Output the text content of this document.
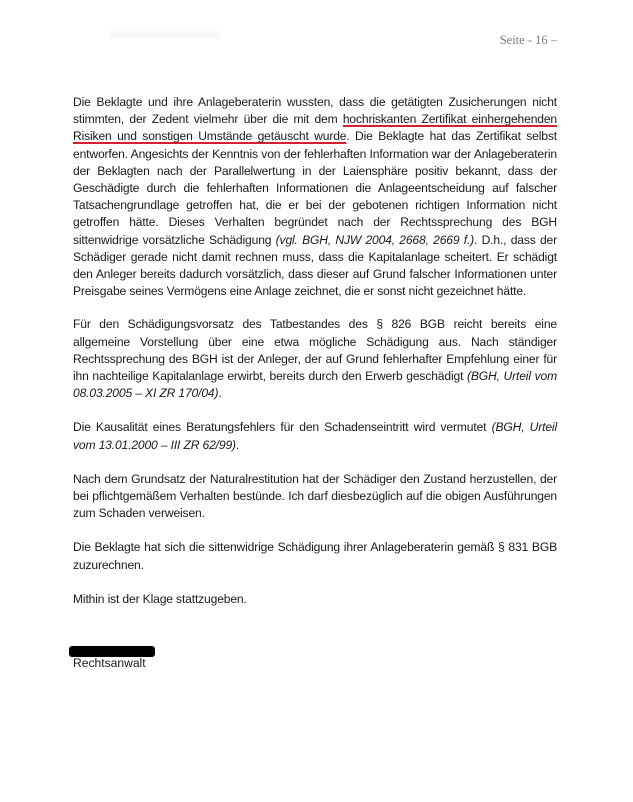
Seite - 16 –

Die Beklagte und ihre Anlageberaterin wussten, dass die getätigten Zusicherungen nicht stimmten, der Zedent vielmehr über die mit dem hochriskanten Zertifikat einhergehenden Risiken und sonstigen Umstände getäuscht wurde. Die Beklagte hat das Zertifikat selbst entworfen. Angesichts der Kenntnis von der fehlerhaften Information war der Anlageberaterin der Beklagten nach der Parallelwertung in der Laiensphäre positiv bekannt, dass der Geschädigte durch die fehlerhaften Informationen die Anlageentscheidung auf falscher Tatsachengrundlage getroffen hat, die er bei der gebotenen richtigen Information nicht getroffen hätte. Dieses Verhalten begründet nach der Rechtssprechung des BGH sittenwidrige vorsätzliche Schädigung (vgl. BGH, NJW 2004, 2668, 2669 f.). D.h., dass der Schädiger gerade nicht damit rechnen muss, dass die Kapitalanlage scheitert. Er schädigt den Anleger bereits dadurch vorsätzlich, dass dieser auf Grund falscher Informationen unter Preisgabe seines Vermögens eine Anlage zeichnet, die er sonst nicht gezeichnet hätte.

Für den Schädigungsvorsatz des Tatbestandes des § 826 BGB reicht bereits eine allgemeine Vorstellung über eine etwa mögliche Schädigung aus. Nach ständiger Rechtssprechung des BGH ist der Anleger, der auf Grund fehlerhafter Empfehlung einer für ihn nachteilige Kapitalanlage erwirbt, bereits durch den Erwerb geschädigt (BGH, Urteil vom 08.03.2005 – XI ZR 170/04).

Die Kausalität eines Beratungsfehlers für den Schadenseintritt wird vermutet (BGH, Urteil vom 13.01.2000 – III ZR 62/99).

Nach dem Grundsatz der Naturalrestitution hat der Schädiger den Zustand herzustellen, der bei pflichtgemäßem Verhalten bestünde. Ich darf diesbezüglich auf die obigen Ausführungen zum Schaden verweisen.

Die Beklagte hat sich die sittenwidrige Schädigung ihrer Anlageberaterin gemäß § 831 BGB zuzurechnen.

Mithin ist der Klage stattzugeben.

Rechtsanwalt
